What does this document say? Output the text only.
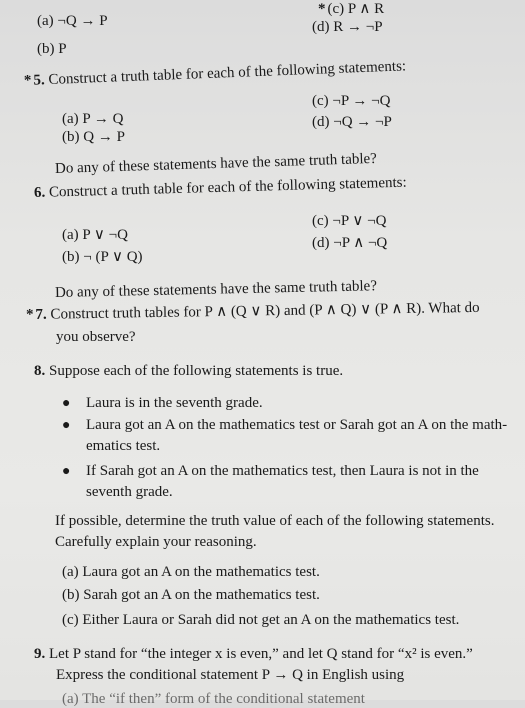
* (c) P ∧ R
(a) ¬Q → P	(d) R → ¬P
(b) P
*5. Construct a truth table for each of the following statements:
(a) P → Q
(c) ¬P → ¬Q
(b) Q → P
(d) ¬Q → ¬P
Do any of these statements have the same truth table?
6. Construct a truth table for each of the following statements:
(a) P ∨ ¬Q
(c) ¬P ∨ ¬Q
(b) ¬ (P ∨ Q)
(d) ¬P ∧ ¬Q
Do any of these statements have the same truth table?
* 7. Construct truth tables for P ∧ (Q ∨ R) and (P ∧ Q) ∨ (P ∧ R). What do
you observe?
8. Suppose each of the following statements is true.
● Laura is in the seventh grade.
● Laura got an A on the mathematics test or Sarah got an A on the math-
ematics test.
● If Sarah got an A on the mathematics test, then Laura is not in the
seventh grade.
If possible, determine the truth value of each of the following statements.
Carefully explain your reasoning.
(a) Laura got an A on the mathematics test.
(b) Sarah got an A on the mathematics test.
(c) Either Laura or Sarah did not get an A on the mathematics test.
9. Let P stand for “the integer x is even,” and let Q stand for “x² is even.”
Express the conditional statement P → Q in English using
(a) The “if then” form of the conditional statement
